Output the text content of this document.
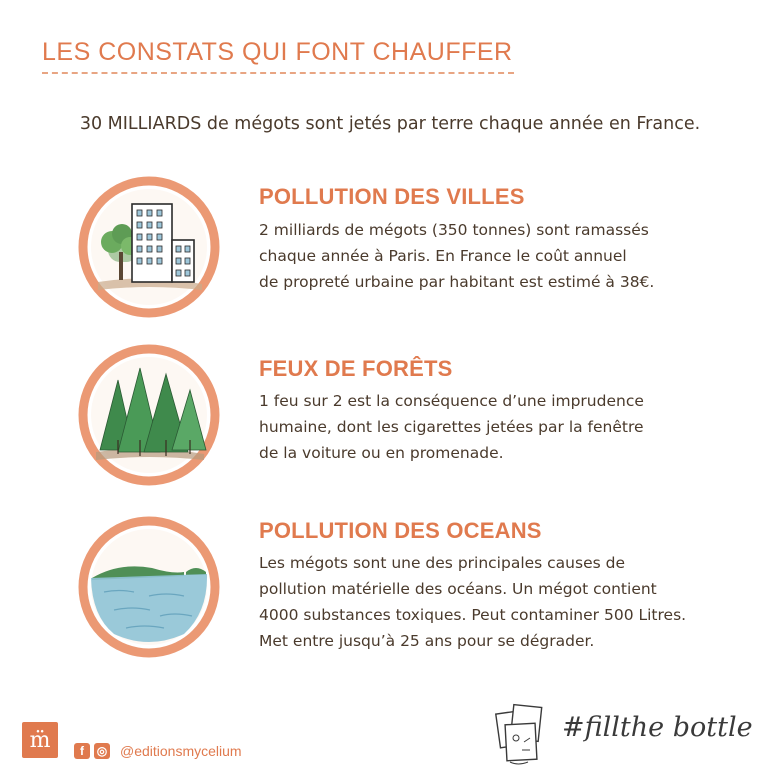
LES CONSTATS QUI FONT CHAUFFER
30 MILLIARDS de mégots sont jetés par terre chaque année en France.
POLLUTION DES VILLES
2 milliards de mégots (350 tonnes) sont ramassés
chaque année à Paris. En France le coût annuel
de propreté urbaine par habitant est estimé à 38€.
FEUX DE FORÊTS
1 feu sur 2 est la conséquence d’une imprudence
humaine, dont les cigarettes jetées par la fenêtre
de la voiture ou en promenade.
POLLUTION DES OCEANS
Les mégots sont une des principales causes de
pollution matérielle des océans. Un mégot contient
4000 substances toxiques. Peut contaminer 500 Litres.
Met entre jusqu’à 25 ans pour se dégrader.
m̈	f	◎ @editionsmycelium
#fillthe bottle
